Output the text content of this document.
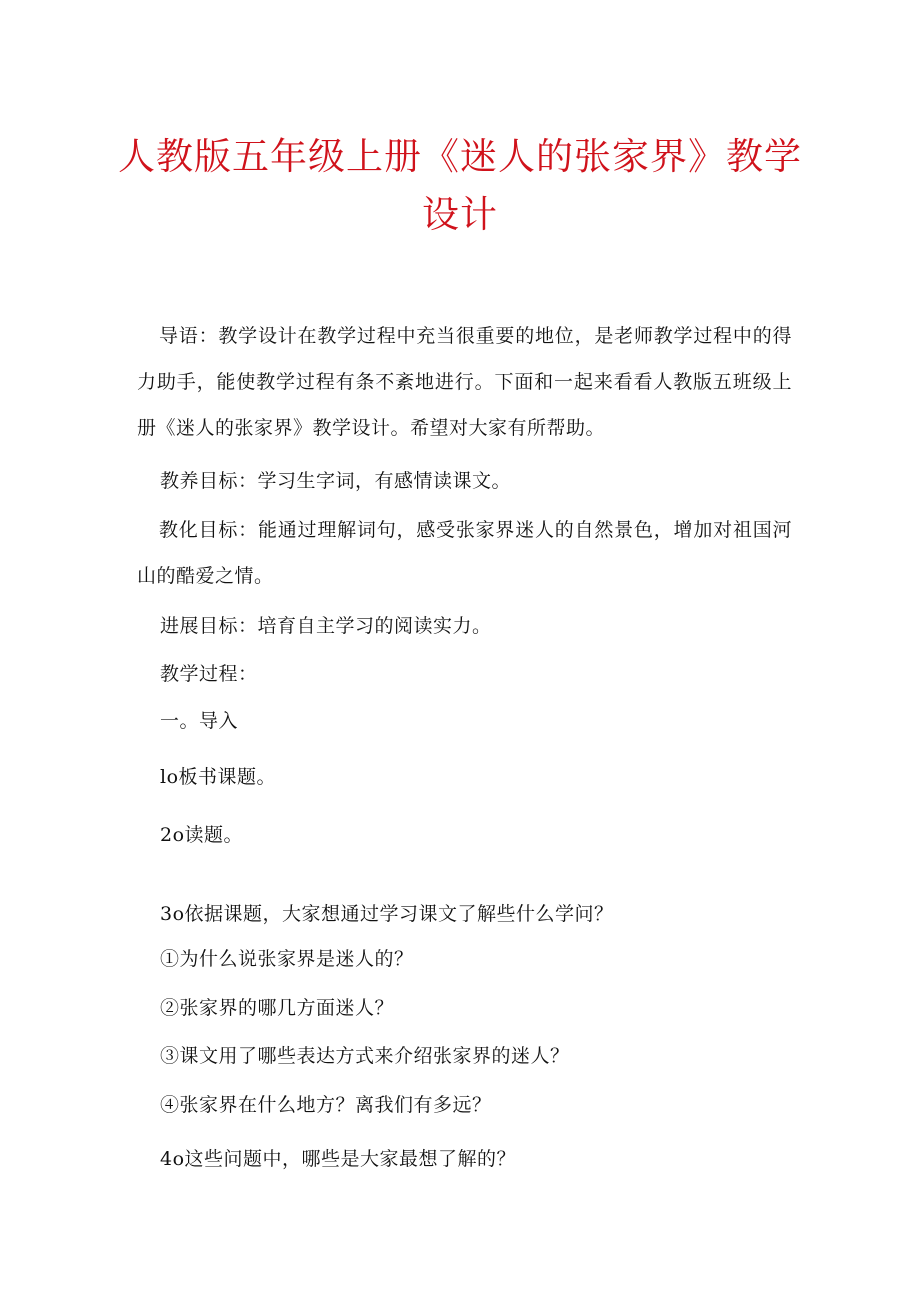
人教版五年级上册《迷人的张家界》教学设计
导语：教学设计在教学过程中充当很重要的地位，是老师教学过程中的得力助手，能使教学过程有条不紊地进行。下面和一起来看看人教版五班级上册《迷人的张家界》教学设计。希望对大家有所帮助。
教养目标：学习生字词，有感情读课文。
教化目标：能通过理解词句，感受张家界迷人的自然景色，增加对祖国河山的酷爱之情。
进展目标：培育自主学习的阅读实力。
教学过程：
一。导入
lo板书课题。
2o读题。
3o依据课题，大家想通过学习课文了解些什么学问？
①为什么说张家界是迷人的？
②张家界的哪几方面迷人？
③课文用了哪些表达方式来介绍张家界的迷人？
④张家界在什么地方？离我们有多远？
4o这些问题中，哪些是大家最想了解的？
